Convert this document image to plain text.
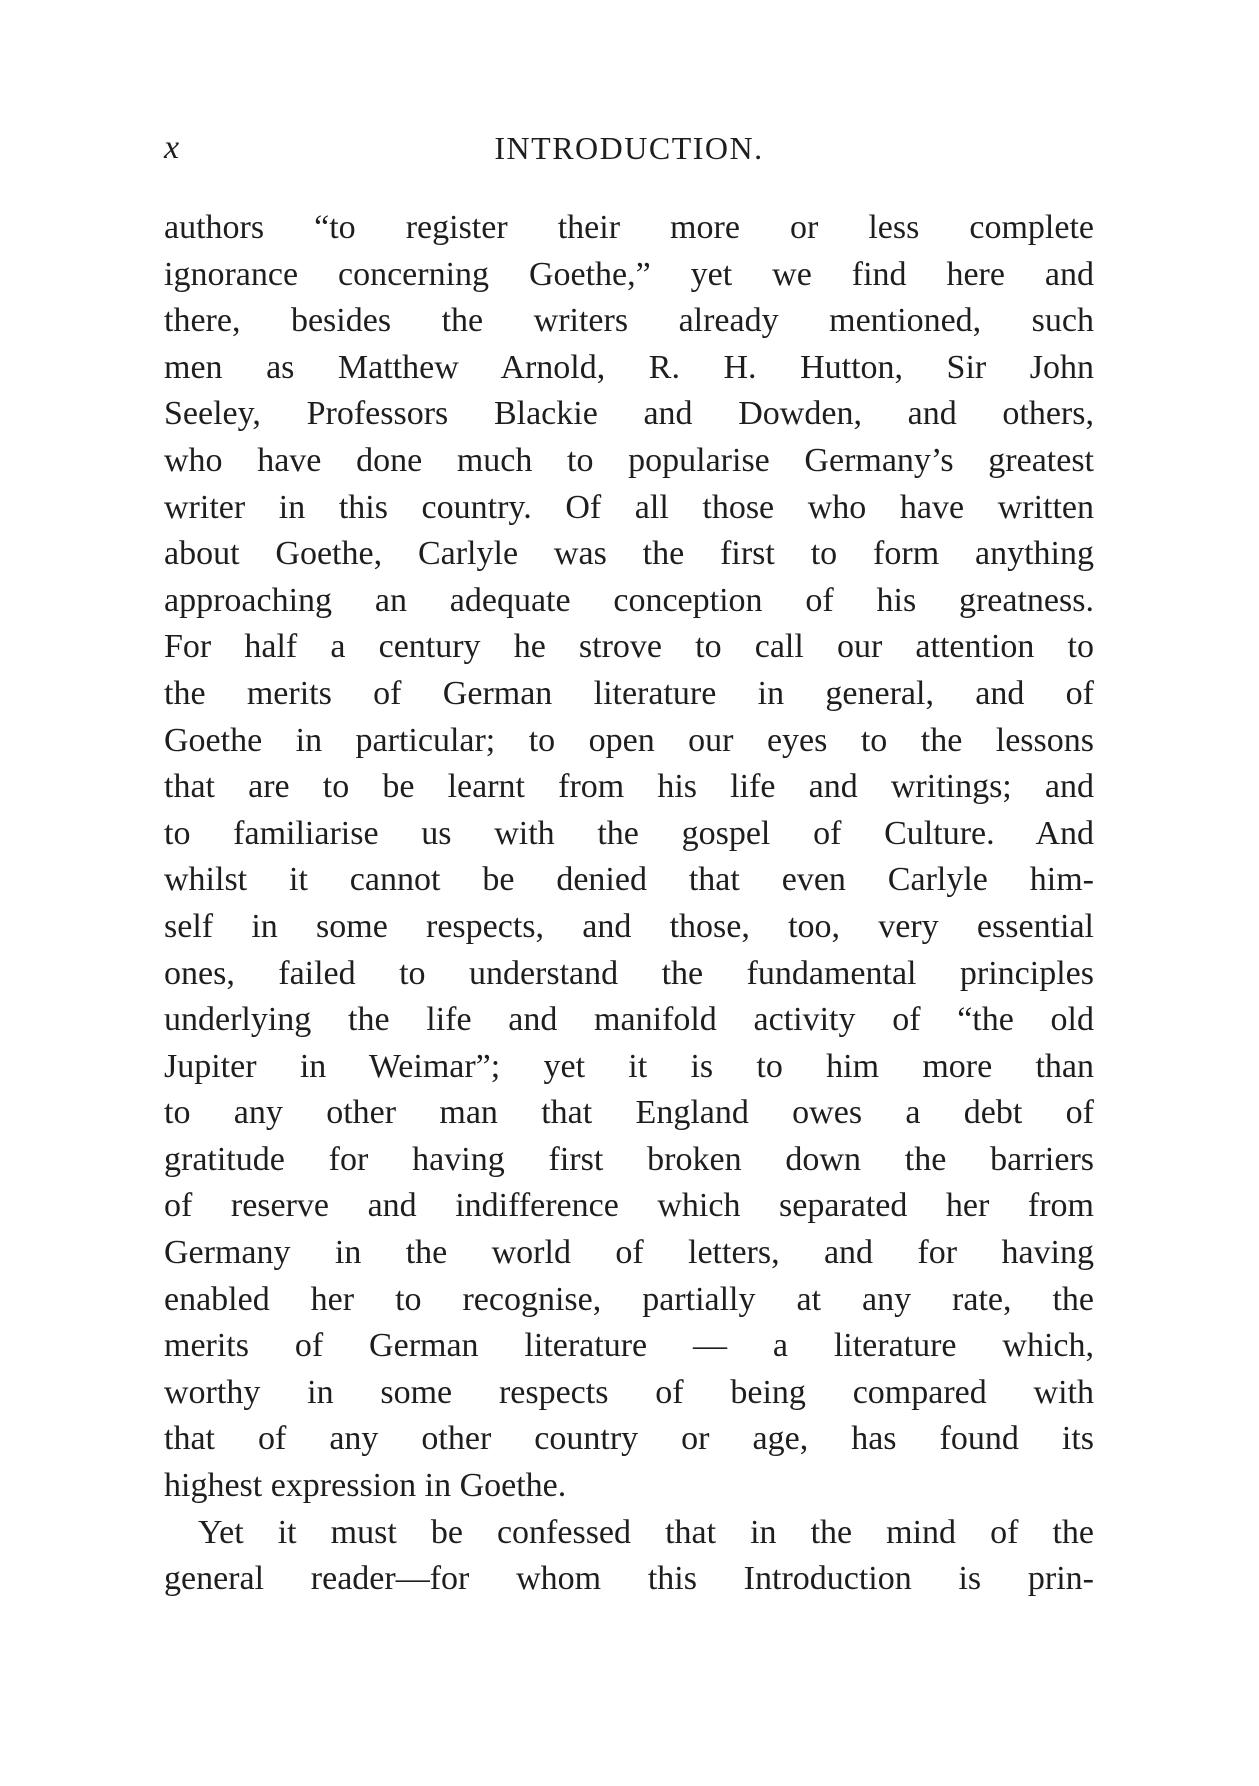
x	INTRODUCTION.
authors “to register their more or less complete
ignorance concerning Goethe,” yet we find here and
there, besides the writers already mentioned, such
men as Matthew Arnold, R. H. Hutton, Sir John
Seeley, Professors Blackie and Dowden, and others,
who have done much to popularise Germany’s greatest
writer in this country. Of all those who have written
about Goethe, Carlyle was the first to form anything
approaching an adequate conception of his greatness.
For half a century he strove to call our attention to
the merits of German literature in general, and of
Goethe in particular; to open our eyes to the lessons
that are to be learnt from his life and writings; and
to familiarise us with the gospel of Culture. And
whilst it cannot be denied that even Carlyle him-
self in some respects, and those, too, very essential
ones, failed to understand the fundamental principles
underlying the life and manifold activity of “the old
Jupiter in Weimar”; yet it is to him more than
to any other man that England owes a debt of
gratitude for having first broken down the barriers
of reserve and indifference which separated her from
Germany in the world of letters, and for having
enabled her to recognise, partially at any rate, the
merits of German literature — a literature which,
worthy in some respects of being compared with
that of any other country or age, has found its
highest expression in Goethe.
Yet it must be confessed that in the mind of the
general reader—for whom this Introduction is prin-
